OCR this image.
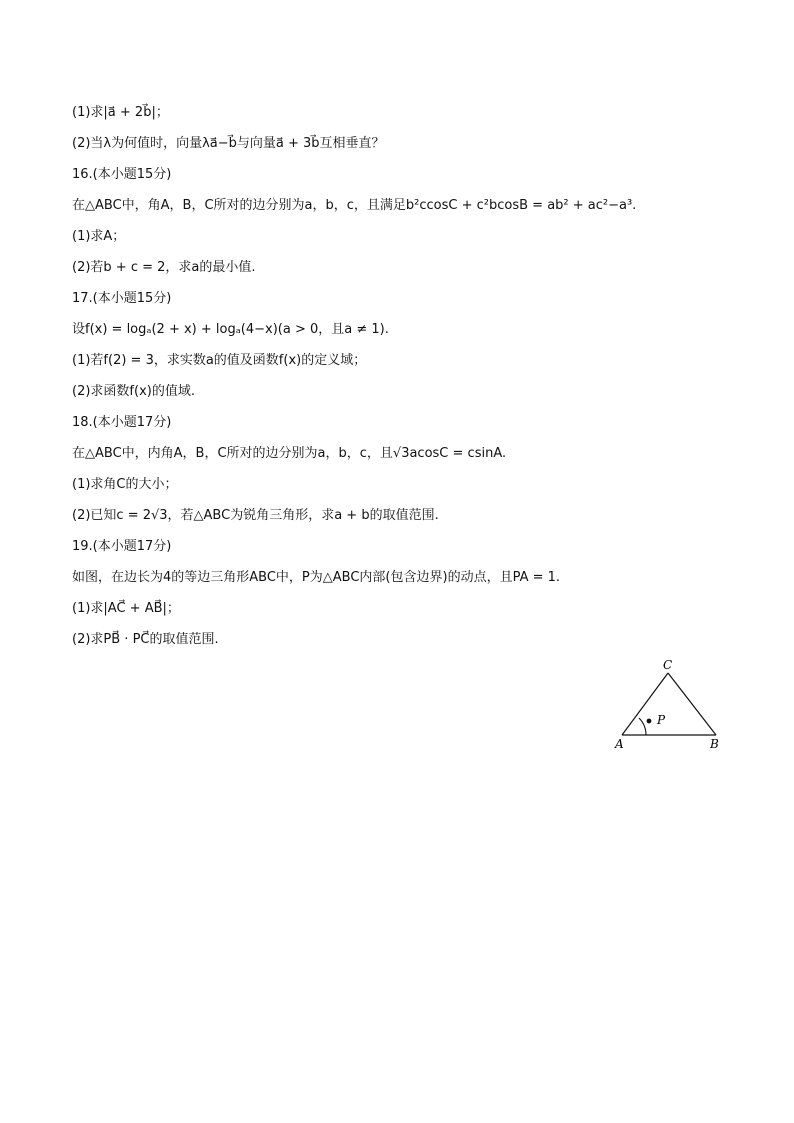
(1)求|a⃗ + 2b⃗|；
(2)当λ为何值时，向量λa⃗−b⃗与向量a⃗ + 3b⃗互相垂直？
16.(本小题15分)
在△ABC中，角A，B，C所对的边分别为a，b，c，且满足b²ccosC + c²bcosB = ab² + ac²−a³.
(1)求A；
(2)若b + c = 2，求a的最小值.
17.(本小题15分)
设f(x) = logₐ(2 + x) + logₐ(4−x)(a > 0，且a ≠ 1).
(1)若f(2) = 3，求实数a的值及函数f(x)的定义域；
(2)求函数f(x)的值域.
18.(本小题17分)
在△ABC中，内角A，B，C所对的边分别为a，b，c，且√3acosC = csinA.
(1)求角C的大小；
(2)已知c = 2√3，若△ABC为锐角三角形，求a + b的取值范围.
19.(本小题17分)
如图，在边长为4的等边三角形ABC中，P为△ABC内部(包含边界)的动点，且PA = 1.
(1)求|AC⃗ + AB⃗|；
(2)求PB⃗ · PC⃗的取值范围.
C
P
A	B
